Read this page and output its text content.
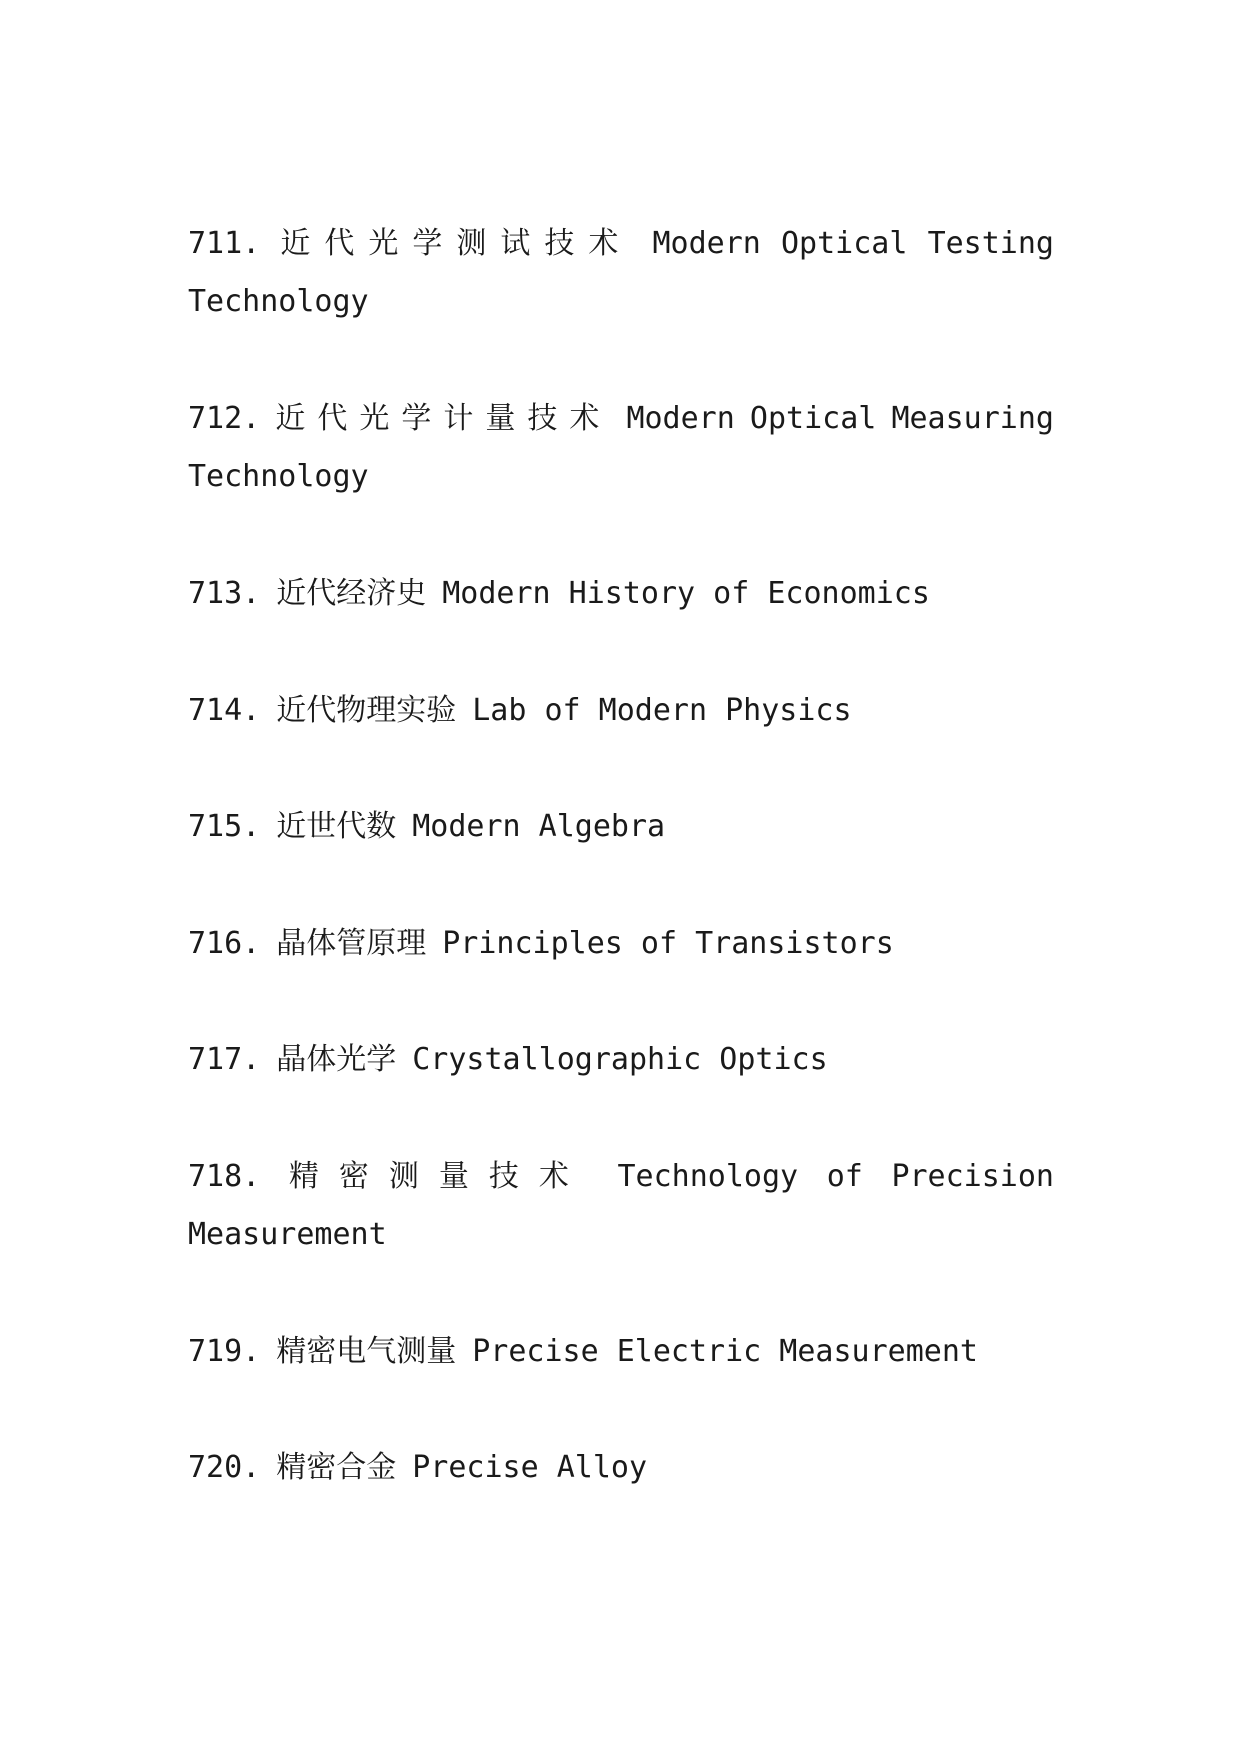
711. 近代光学测试技术 Modern Optical Testing
Technology
712. 近代光学计量技术 Modern Optical Measuring
Technology
713. 近代经济史 Modern History of Economics
714. 近代物理实验 Lab of Modern Physics
715. 近世代数 Modern Algebra
716. 晶体管原理 Principles of Transistors
717. 晶体光学 Crystallographic Optics
718. 精密测量技术 Technology of Precision
Measurement
719. 精密电气测量 Precise Electric Measurement
720. 精密合金 Precise Alloy
